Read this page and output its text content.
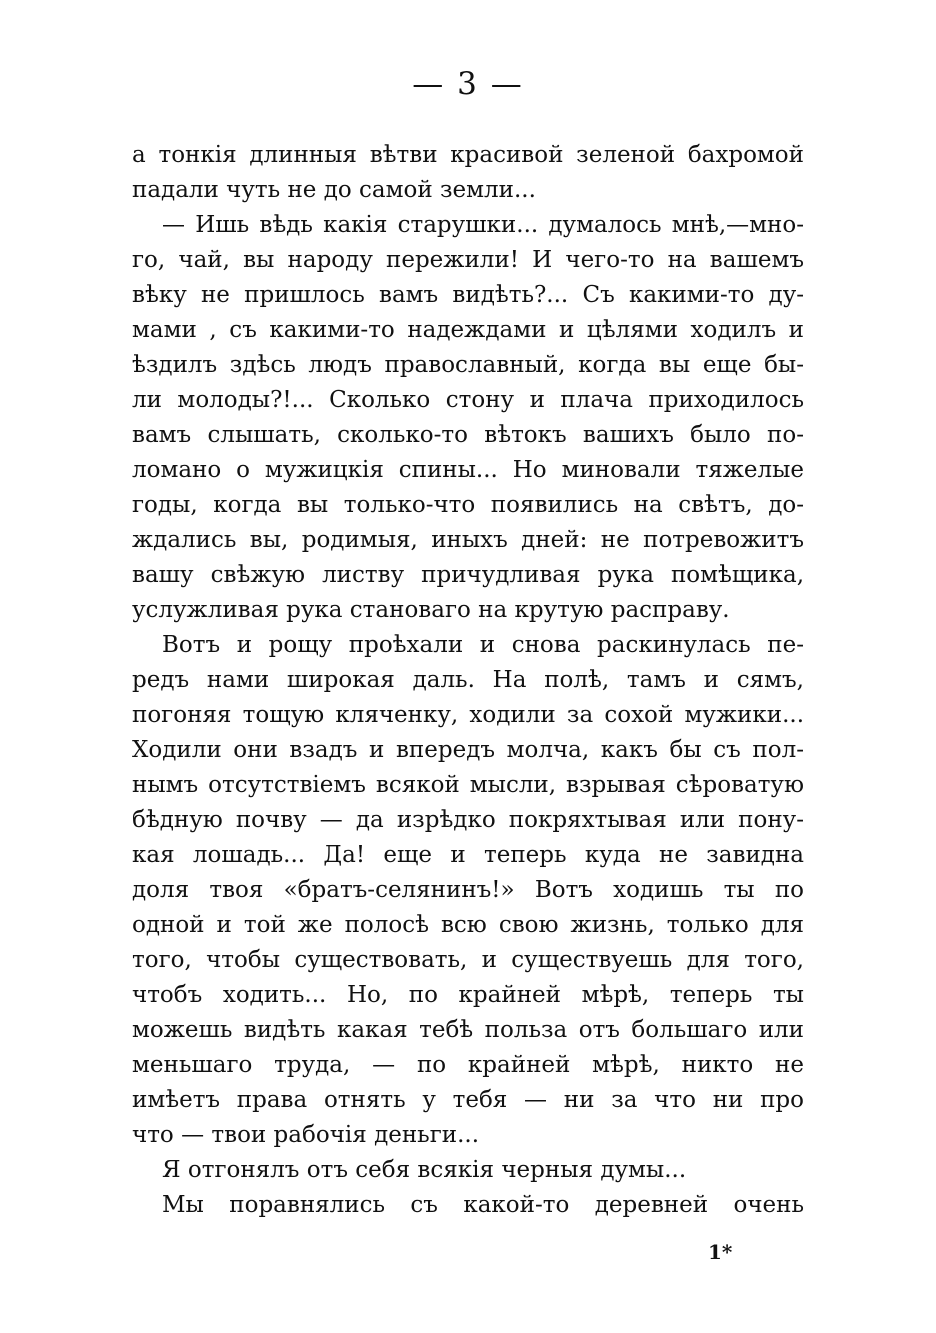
— 3 —
а тонкія длинныя вѣтви красивой зеленой бахромой
падали чуть не до самой земли...
— Ишь вѣдь какія старушки... думалось мнѣ,—мно-
го, чай, вы народу пережили! И чего-то на вашемъ
вѣку не пришлось вамъ видѣть?... Съ какими-то ду-
мами , съ какими-то надеждами и цѣлями ходилъ и
ѣздилъ здѣсь людъ православный, когда вы еще бы-
ли молоды?!... Сколько стону и плача приходилось
вамъ слышать, сколько-то вѣтокъ вашихъ было по-
ломано о мужицкія спины... Но миновали тяжелые
годы, когда вы только-что появились на свѣтъ, до-
ждались вы, родимыя, иныхъ дней: не потревожитъ
вашу свѣжую листву причудливая рука помѣщика,
услужливая рука становаго на крутую расправу.
Вотъ и рощу проѣхали и снова раскинулась пе-
редъ нами широкая даль. На полѣ, тамъ и сямъ,
погоняя тощую кляченку, ходили за сохой мужики...
Ходили они взадъ и впередъ молча, какъ бы съ пол-
нымъ отсутствіемъ всякой мысли, взрывая сѣроватую
бѣдную почву — да изрѣдко покряхтывая или пону-
кая лошадь... Да! еще и теперь куда не завидна
доля твоя «братъ-селянинъ!» Вотъ ходишь ты по
одной и той же полосѣ всю свою жизнь, только для
того, чтобы существовать, и существуешь для того,
чтобъ ходить... Но, по крайней мѣрѣ, теперь ты
можешь видѣть какая тебѣ польза отъ большаго или
меньшаго труда, — по крайней мѣрѣ, никто не
имѣетъ права отнять у тебя — ни за что ни про
что — твои рабочія деньги...
Я отгонялъ отъ себя всякія черныя думы...
Мы поравнялись съ какой-то деревней очень
1*
